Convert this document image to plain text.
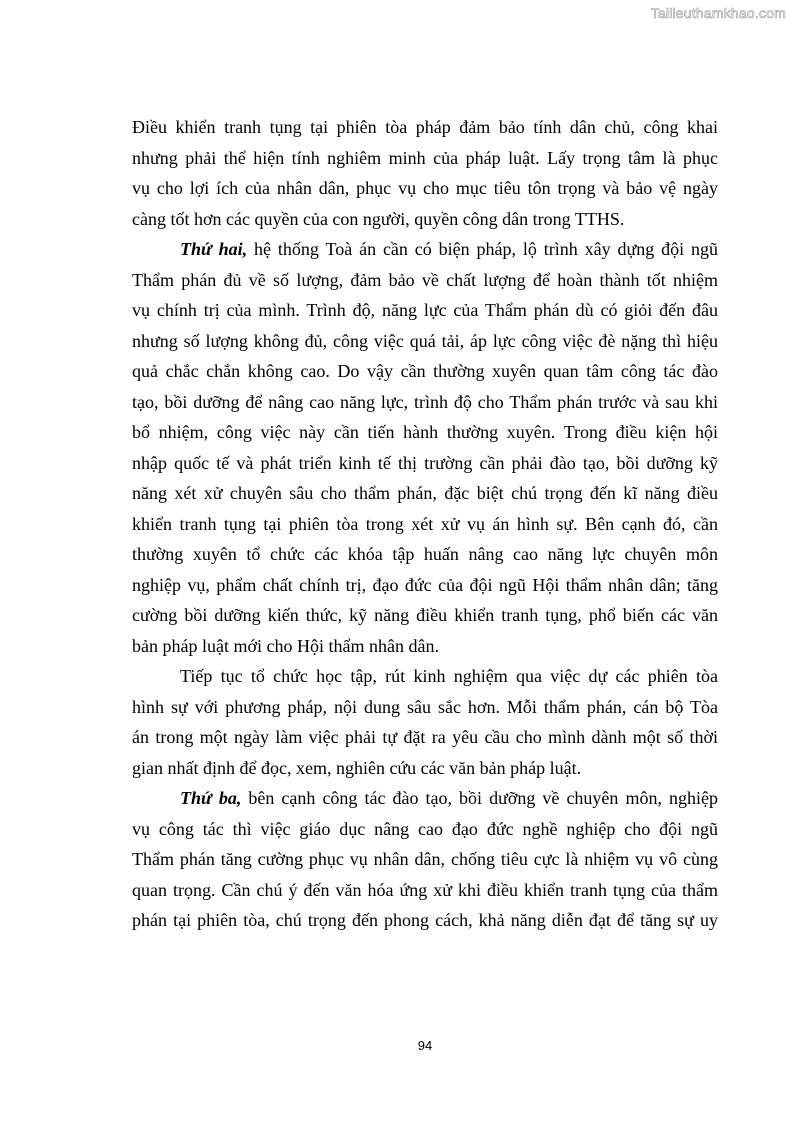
Tailieuthamkhao.com
Điều khiển tranh tụng tại phiên tòa pháp đảm bảo tính dân chủ, công khai
nhưng phải thể hiện tính nghiêm minh của pháp luật. Lấy trọng tâm là phục
vụ cho lợi ích của nhân dân, phục vụ cho mục tiêu tôn trọng và bảo vệ ngày
càng tốt hơn các quyền của con người, quyền công dân trong TTHS.
Thứ hai, hệ thống Toà án cần có biện pháp, lộ trình xây dựng đội ngũ
Thẩm phán đủ về số lượng, đảm bảo về chất lượng để hoàn thành tốt nhiệm
vụ chính trị của mình. Trình độ, năng lực của Thẩm phán dù có giỏi đến đâu
nhưng số lượng không đủ, công việc quá tải, áp lực công việc đè nặng thì hiệu
quả chắc chắn không cao. Do vậy cần thường xuyên quan tâm công tác đào
tạo, bồi dưỡng để nâng cao năng lực, trình độ cho Thẩm phán trước và sau khi
bổ nhiệm, công việc này cần tiến hành thường xuyên. Trong điều kiện hội
nhập quốc tế và phát triển kinh tế thị trường cần phải đào tạo, bồi dưỡng kỹ
năng xét xử chuyên sâu cho thẩm phán, đặc biệt chú trọng đến kĩ năng điều
khiển tranh tụng tại phiên tòa trong xét xử vụ án hình sự. Bên cạnh đó, cần
thường xuyên tổ chức các khóa tập huấn nâng cao năng lực chuyên môn
nghiệp vụ, phẩm chất chính trị, đạo đức của đội ngũ Hội thẩm nhân dân; tăng
cường bồi dưỡng kiến thức, kỹ năng điều khiển tranh tụng, phổ biến các văn
bản pháp luật mới cho Hội thẩm nhân dân.
Tiếp tục tổ chức học tập, rút kinh nghiệm qua việc dự các phiên tòa
hình sự với phương pháp, nội dung sâu sắc hơn. Mỗi thẩm phán, cán bộ Tòa
án trong một ngày làm việc phải tự đặt ra yêu cầu cho mình dành một số thời
gian nhất định để đọc, xem, nghiên cứu các văn bản pháp luật.
Thứ ba, bên cạnh công tác đào tạo, bồi dưỡng về chuyên môn, nghiệp
vụ công tác thì việc giáo dục nâng cao đạo đức nghề nghiệp cho đội ngũ
Thẩm phán tăng cường phục vụ nhân dân, chống tiêu cực là nhiệm vụ vô cùng
quan trọng. Cần chú ý đến văn hóa ứng xử khi điều khiển tranh tụng của thẩm
phán tại phiên tòa, chú trọng đến phong cách, khả năng diễn đạt để tăng sự uy
94
